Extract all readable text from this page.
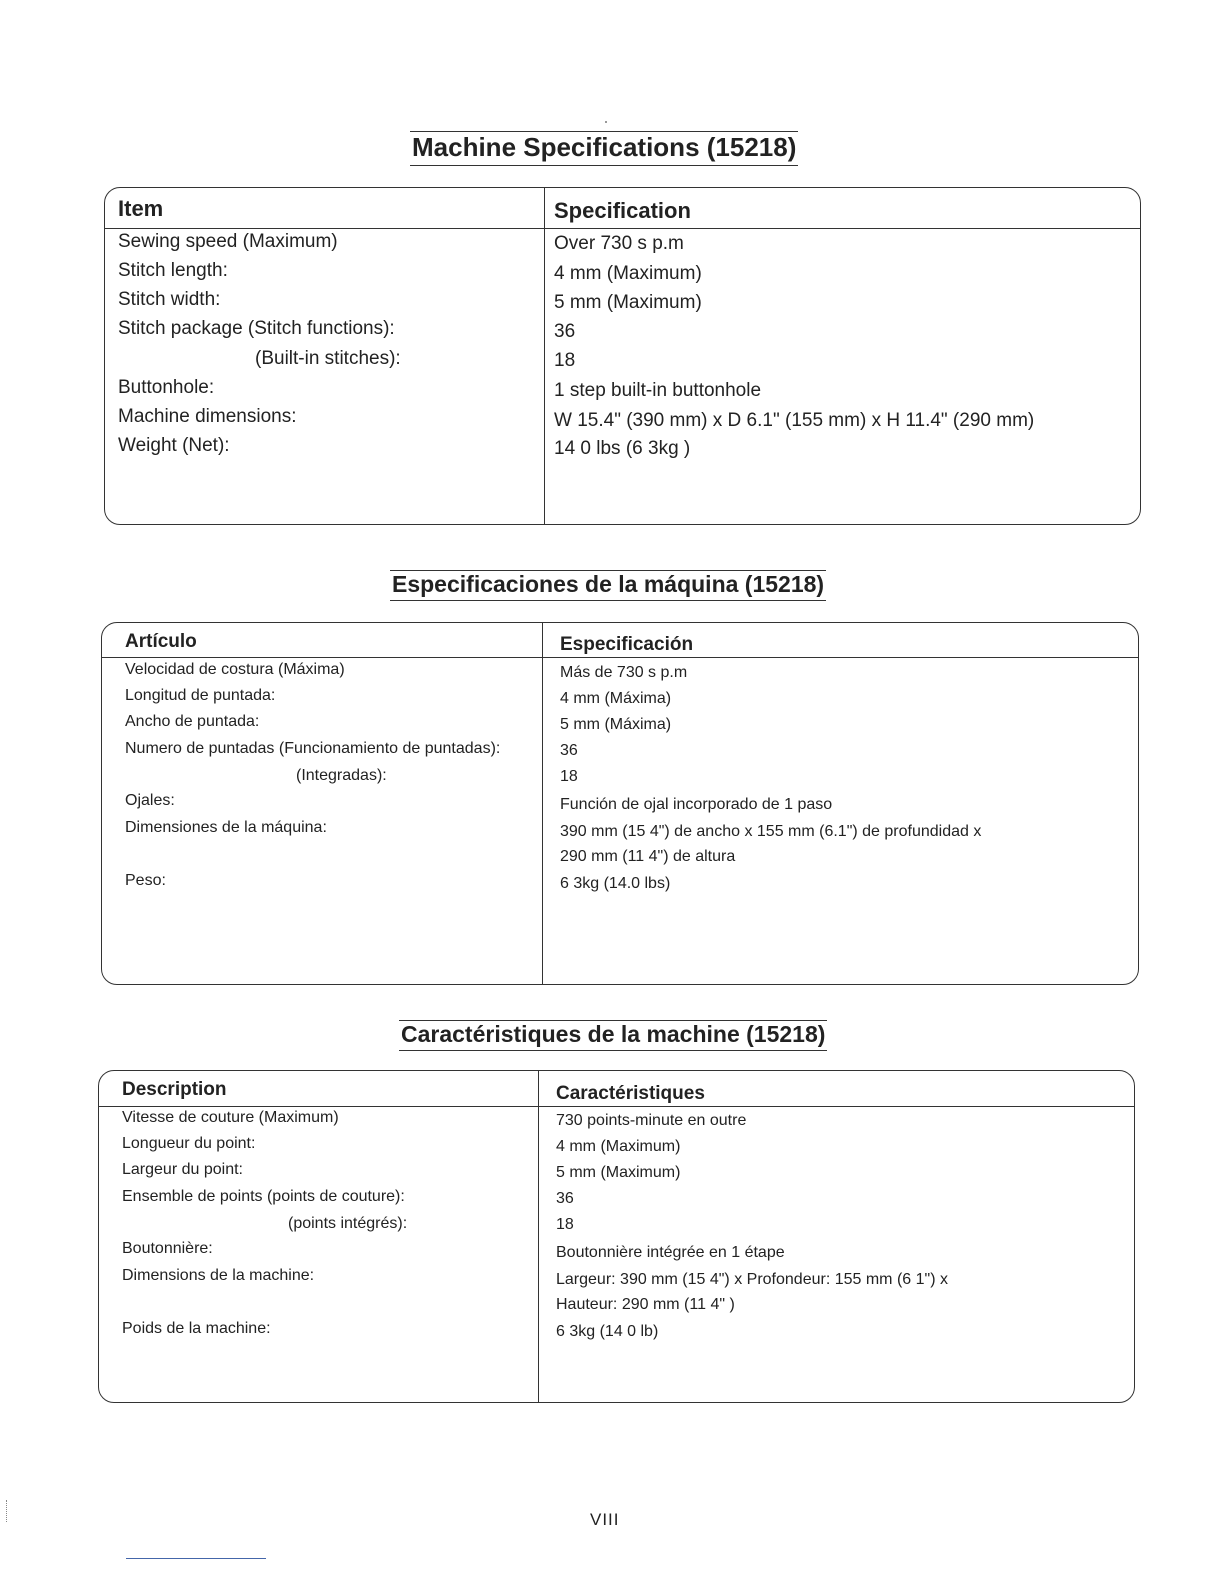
Machine Specifications (15218)
Item	Specification
Sewing speed (Maximum)	Over 730 s p.m
Stitch length:	4 mm (Maximum)
Stitch width:	5 mm (Maximum)
Stitch package (Stitch functions):	36
(Built-in stitches):	18
Buttonhole:	1 step built-in buttonhole
Machine dimensions:	W 15.4" (390 mm) x D 6.1" (155 mm) x H 11.4" (290 mm)
Weight (Net):	14 0 lbs (6 3kg )
Especificaciones de la máquina (15218)
Artículo	Especificación
Velocidad de costura (Máxima)	Más de 730 s p.m
Longitud de puntada:	4 mm (Máxima)
Ancho de puntada:	5 mm (Máxima)
Numero de puntadas (Funcionamiento de puntadas):	36
(Integradas):	18
Ojales:	Función de ojal incorporado de 1 paso
Dimensiones de la máquina:	390 mm (15 4") de ancho x 155 mm (6.1") de profundidad x
290 mm (11 4") de altura
Peso:	6 3kg (14.0 lbs)
Caractéristiques de la machine (15218)
Description	Caractéristiques
Vitesse de couture (Maximum)	730 points-minute en outre
Longueur du point:	4 mm (Maximum)
Largeur du point:	5 mm (Maximum)
Ensemble de points (points de couture):	36
(points intégrés):	18
Boutonnière:	Boutonnière intégrée en 1 étape
Dimensions de la machine:	Largeur: 390 mm (15 4") x Profondeur: 155 mm (6 1") x
Hauteur: 290 mm (11 4" )
Poids de la machine:	6 3kg (14 0 lb)
VIII
